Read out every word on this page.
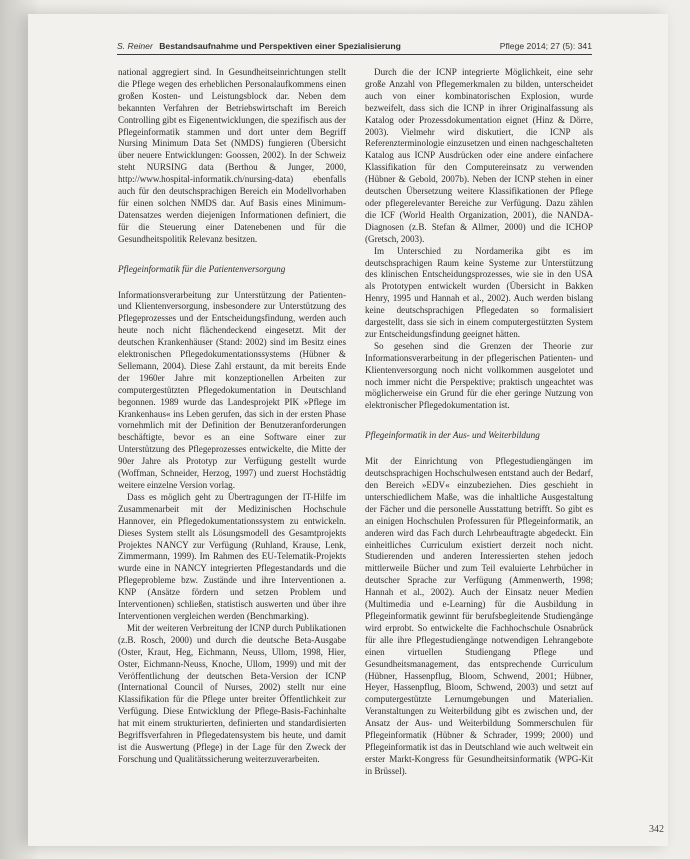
S. Reiner Bestandsaufnahme und Perspektiven einer Spezialisierung	Pflege 2014; 27 (5): 341

national aggregiert sind. In Gesundheitseinrichtungen stellt die Pflege wegen des erheblichen Personalaufkommens einen großen Kosten- und Leistungsblock dar. Neben dem bekannten Verfahren der Betriebswirtschaft im Bereich Controlling gibt es Eigenentwicklungen, die spezifisch aus der Pflegeinformatik stammen und dort unter dem Begriff Nursing Minimum Data Set (NMDS) fungieren (Übersicht über neuere Entwicklungen: Goossen, 2002). In der Schweiz steht NURSING data (Berthou & Junger, 2000, http://www.hospital-informatik.ch/nursing-data) ebenfalls auch für den deutschsprachigen Bereich ein Modellvorhaben für einen solchen NMDS dar. Auf Basis eines Minimum-Datensatzes werden diejenigen Informationen definiert, die für die Steuerung einer Datenebenen und für die Gesundheitspolitik Relevanz besitzen.

Pflegeinformatik für die Patientenversorgung

Informationsverarbeitung zur Unterstützung der Patienten- und Klientenversorgung, insbesondere zur Unterstützung des Pflegeprozesses und der Entscheidungsfindung, werden auch heute noch nicht flächendeckend eingesetzt. Mit der deutschen Krankenhäuser (Stand: 2002) sind im Besitz eines elektronischen Pflegedokumentationssystems (Hübner & Sellemann, 2004). Diese Zahl erstaunt, da mit bereits Ende der 1960er Jahre mit konzeptionellen Arbeiten zur computergestützten Pflegedokumentation in Deutschland begonnen. 1989 wurde das Landesprojekt PIK »Pflege im Krankenhaus« ins Leben gerufen, das sich in der ersten Phase vornehmlich mit der Definition der Benutzeranforderungen beschäftigte, bevor es an eine Software einer zur Unterstützung des Pflegeprozesses entwickelte, die Mitte der 90er Jahre als Prototyp zur Verfügung gestellt wurde (Woffman, Schneider, Herzog, 1997) und zuerst Hochstädtig weitere einzelne Version vorlag.

Dass es möglich geht zu Übertragungen der IT-Hilfe im Zusammenarbeit mit der Medizinischen Hochschule Hannover, ein Pflegedokumentationssystem zu entwickeln. Dieses System stellt als Lösungsmodell des Gesamtprojekts Projektes NANCY zur Verfügung (Ruhland, Krause, Lenk, Zimmermann, 1999). Im Rahmen des EU-Telematik-Projekts wurde eine in NANCY integrierten Pflegestandards und die Pflegeprobleme bzw. Zustände und ihre Interventionen a. KNP (Ansätze fördern und setzen Problem und Interventionen) schließen, statistisch auswerten und über ihre Interventionen vergleichen werden (Benchmarking).

Mit der weiteren Verbreitung der ICNP durch Publikationen (z.B. Rosch, 2000) und durch die deutsche Beta-Ausgabe (Oster, Kraut, Heg, Eichmann, Neuss, Ullom, 1998, Hier, Oster, Eichmann-Neuss, Knoche, Ullom, 1999) und mit der Veröffentlichung der deutschen Beta-Version der ICNP (International Council of Nurses, 2002) stellt nur eine Klassifikation für die Pflege unter breiter Öffentlichkeit zur Verfügung. Diese Entwicklung der Pflege-Basis-Fachinhalte hat mit einem strukturierten, definierten und standardisierten Begriffsverfahren in Pflegedatensystem bis heute, und damit ist die Auswertung (Pflege) in der Lage für den Zweck der Forschung und Qualitätssicherung weiterzuverarbeiten.

Durch die der ICNP integrierte Möglichkeit, eine sehr große Anzahl von Pflegemerkmalen zu bilden, unterscheidet auch von einer kombinatorischen Explosion, wurde bezweifelt, dass sich die ICNP in ihrer Originalfassung als Katalog oder Prozessdokumentation eignet (Hinz & Dörre, 2003). Vielmehr wird diskutiert, die ICNP als Referenzterminologie einzusetzen und einen nachgeschalteten Katalog aus ICNP Ausdrücken oder eine andere einfachere Klassifikation für den Computereinsatz zu verwenden (Hübner & Gebold, 2007b). Neben der ICNP stehen in einer deutschen Übersetzung weitere Klassifikationen der Pflege oder pflegerelevanter Bereiche zur Verfügung. Dazu zählen die ICF (World Health Organization, 2001), die NANDA-Diagnosen (z.B. Stefan & Allmer, 2000) und die ICHOP (Gretsch, 2003).

Im Unterschied zu Nordamerika gibt es im deutschsprachigen Raum keine Systeme zur Unterstützung des klinischen Entscheidungsprozesses, wie sie in den USA als Prototypen entwickelt wurden (Übersicht in Bakken Henry, 1995 und Hannah et al., 2002). Auch werden bislang keine deutschsprachigen Pflegedaten so formalisiert dargestellt, dass sie sich in einem computergestützten System zur Entscheidungsfindung geeignet hätten.

So gesehen sind die Grenzen der Theorie zur Informationsverarbeitung in der pflegerischen Patienten- und Klientenversorgung noch nicht vollkommen ausgelotet und noch immer nicht die Perspektive; praktisch ungeachtet was möglicherweise ein Grund für die eher geringe Nutzung von elektronischer Pflegedokumentation ist.

Pflegeinformatik in der Aus- und Weiterbildung

Mit der Einrichtung von Pflegestudiengängen im deutschsprachigen Hochschulwesen entstand auch der Bedarf, den Bereich »EDV« einzubeziehen. Dies geschieht in unterschiedlichem Maße, was die inhaltliche Ausgestaltung der Fächer und die personelle Ausstattung betrifft. So gibt es an einigen Hochschulen Professuren für Pflegeinformatik, an anderen wird das Fach durch Lehrbeauftragte abgedeckt. Ein einheitliches Curriculum existiert derzeit noch nicht. Studierenden und anderen Interessierten stehen jedoch mittlerweile Bücher und zum Teil evaluierte Lehrbücher in deutscher Sprache zur Verfügung (Ammenwerth, 1998; Hannah et al., 2002). Auch der Einsatz neuer Medien (Multimedia und e-Learning) für die Ausbildung in Pflegeinformatik gewinnt für berufsbegleitende Studiengänge wird erprobt. So entwickelte die Fachhochschule Osnabrück für alle ihre Pflegestudiengänge notwendigen Lehrangebote einen virtuellen Studiengang Pflege und Gesundheitsmanagement, das entsprechende Curriculum (Hübner, Hassenpflug, Bloom, Schwend, 2001; Hübner, Heyer, Hassenpflug, Bloom, Schwend, 2003) und setzt auf computergestützte Lernumgebungen und Materialien. Veranstaltungen zu Weiterbildung gibt es zwischen und, der Ansatz der Aus- und Weiterbildung Sommerschulen für Pflegeinformatik (Hübner & Schrader, 1999; 2000) und Pflegeinformatik ist das in Deutschland wie auch weltweit ein erster Markt-Kongress für Gesundheitsinformatik (WPG-Kit in Brüssel).

342
